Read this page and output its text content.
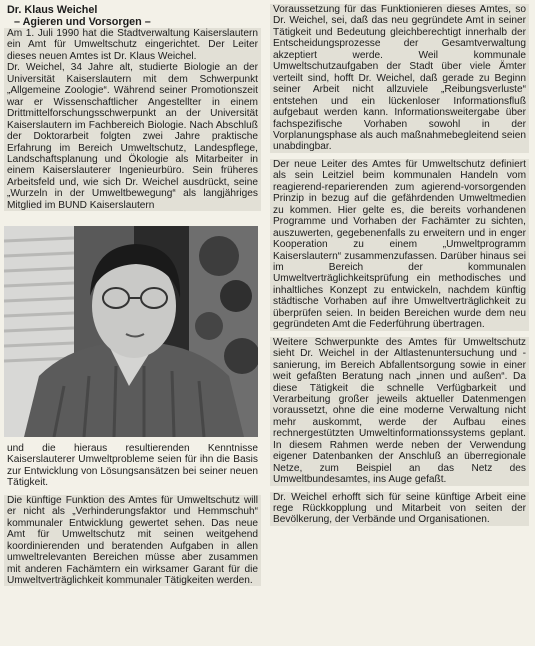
Dr. Klaus Weichel
– Agieren und Vorsorgen –

Am 1. Juli 1990 hat die Stadtverwaltung Kaiserslautern ein Amt für Umweltschutz eingerichtet. Der Leiter dieses neuen Amtes ist Dr. Klaus Weichel.
Dr. Weichel, 34 Jahre alt, studierte Biologie an der Universität Kaiserslautern mit dem Schwerpunkt „Allgemeine Zoologie“. Während seiner Promotionszeit war er Wissenschaftlicher Angestellter in einem Drittmittelforschungsschwerpunkt an der Universität Kaiserslautern im Fachbereich Biologie. Nach Abschluß der Doktorarbeit folgten zwei Jahre praktische Erfahrung im Bereich Umweltschutz, Landespflege, Landschaftsplanung und Ökologie als Mitarbeiter in einem Kaiserslauterer Ingenieurbüro. Sein früheres Arbeitsfeld und, wie sich Dr. Weichel ausdrückt, seine „Wurzeln in der Umweltbewegung“ als langjähriges Mitglied im BUND Kaiserslautern

und die hieraus resultierenden Kenntnisse Kaiserslauterer Umweltprobleme seien für ihn die Basis zur Entwicklung von Lösungsansätzen bei seiner neuen Tätigkeit.

Die künftige Funktion des Amtes für Umweltschutz will er nicht als „Verhinderungsfaktor und Hemmschuh“ kommunaler Entwicklung gewertet sehen. Das neue Amt für Umweltschutz mit seinen weitgehend koordinierenden und beratenden Aufgaben in allen umweltrelevanten Bereichen müsse aber zusammen mit anderen Fachämtern ein wirksamer Garant für die Umweltverträglichkeit kommunaler Tätigkeiten werden.

Voraussetzung für das Funktionieren dieses Amtes, so Dr. Weichel, sei, daß das neu gegründete Amt in seiner Tätigkeit und Bedeutung gleichberechtigt innerhalb der Entscheidungsprozesse der Gesamtverwaltung akzeptiert werde. Weil kommunale Umweltschutzaufgaben der Stadt über viele Ämter verteilt sind, hofft Dr. Weichel, daß gerade zu Beginn seiner Arbeit nicht allzuviele „Reibungsverluste“ entstehen und ein lückenloser Informationsfluß aufgebaut werden kann. Informationsweitergabe über fachspezifische Vorhaben sowohl in der Vorplanungsphase als auch maßnahmebegleitend seien unabdingbar.

Der neue Leiter des Amtes für Umweltschutz definiert als sein Leitziel beim kommunalen Handeln vom reagierend-reparierenden zum agierend-vorsorgenden Prinzip in bezug auf die gefährdenden Umweltmedien zu kommen. Hier gelte es, die bereits vorhandenen Programme und Vorhaben der Fachämter zu sichten, auszuwerten, gegebenenfalls zu erweitern und in enger Kooperation zu einem „Umweltprogramm Kaiserslautern“ zusammenzufassen. Darüber hinaus sei im Bereich der kommunalen Umweltverträglichkeitsprüfung ein methodisches und inhaltliches Konzept zu entwickeln, nachdem künftig städtische Vorhaben auf ihre Umweltverträglichkeit zu überprüfen seien. In beiden Bereichen wurde dem neu gegründeten Amt die Federführung übertragen.

Weitere Schwerpunkte des Amtes für Umweltschutz sieht Dr. Weichel in der Altlastenuntersuchung und -sanierung, im Bereich Abfallentsorgung sowie in einer weit gefaßten Beratung nach „innen und außen“. Da diese Tätigkeit die schnelle Verfügbarkeit und Verarbeitung großer jeweils aktueller Datenmengen voraussetzt, ohne die eine moderne Verwaltung nicht mehr auskommt, werde der Aufbau eines rechnergestützten Umweltinformationssystems geplant. In diesem Rahmen werde neben der Verwendung eigener Datenbanken der Anschluß an überregionale Netze, zum Beispiel an das Netz des Umweltbundesamtes, ins Auge gefaßt.

Dr. Weichel erhofft sich für seine künftige Arbeit eine rege Rückkopplung und Mitarbeit von seiten der Bevölkerung, der Verbände und Organisationen.
